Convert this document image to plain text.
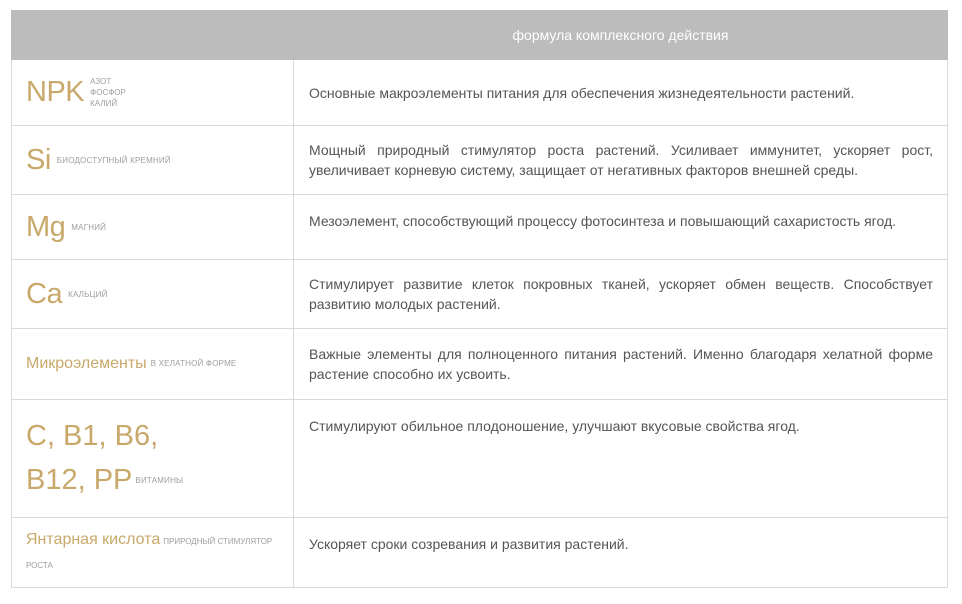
	формула комплексного действия
NPK АЗОТ
ФОСФОР
КАЛИЙ	Основные макроэлементы питания для обеспечения жизнедеятельности растений.
Si БИОДОСТУПНЫЙ КРЕМНИЙ	Мощный природный стимулятор роста растений. Усиливает иммунитет, ускоряет рост, увеличивает корневую систему, защищает от негативных факторов внешней среды.
Mg МАГНИЙ	Мезоэлемент, способствующий процессу фотосинтеза и повышающий сахаристость ягод.
Ca КАЛЬЦИЙ	Стимулирует развитие клеток покровных тканей, ускоряет обмен веществ. Способствует развитию молодых растений.
Микроэлементы В ХЕЛАТНОЙ ФОРМЕ	Важные элементы для полноценного питания растений. Именно благодаря хелатной форме растение способно их усвоить.

C, B1, B6,
B12, PP ВИТАМИНЫ	Стимулируют обильное плодоношение, улучшают вкусовые свойства ягод.

Янтарная кислота ПРИРОДНЫЙ СТИМУЛЯТОР РОСТА	Ускоряет сроки созревания и развития растений.
